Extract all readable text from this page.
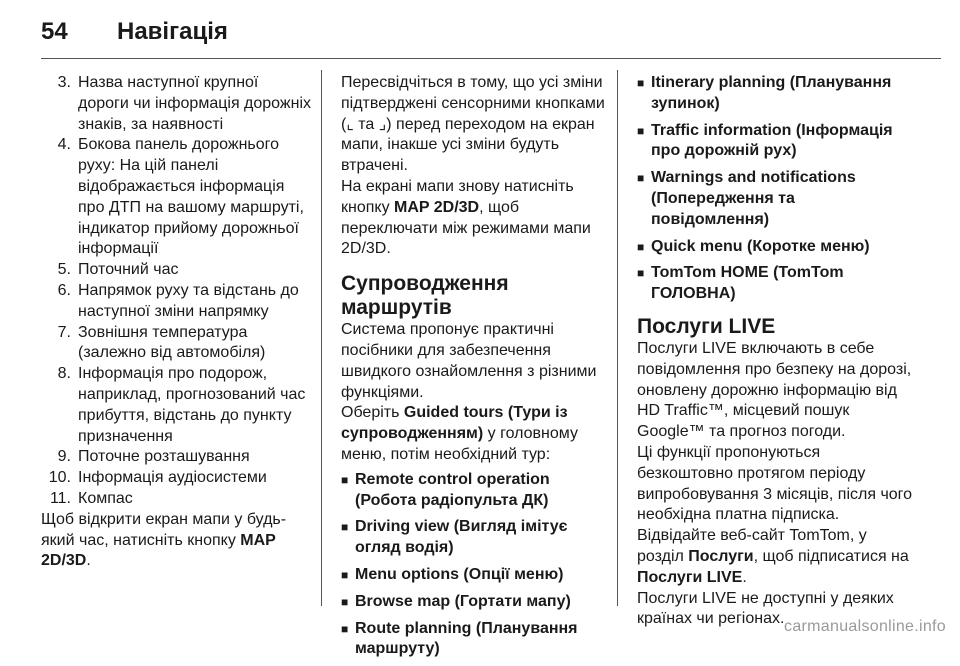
54	Навігація
3. Назва наступної крупної дороги чи інформація дорожніх знаків, за наявності
4. Бокова панель дорожнього руху: На цій панелі відображається інформація про ДТП на вашому маршруті, індикатор прийому дорожньої інформації
5. Поточний час
6. Напрямок руху та відстань до наступної зміни напрямку
7. Зовнішня температура (залежно від автомобіля)
8. Інформація про подорож, наприклад, прогнозований час прибуття, відстань до пункту призначення
9. Поточне розташування
10. Інформація аудіосистеми
11. Компас

Щоб відкрити екран мапи у будь-який час, натисніть кнопку MAP 2D/3D.

Пересвідчіться в тому, що усі зміни підтверджені сенсорними кнопками (⌞ та ⌟) перед переходом на екран мапи, інакше усі зміни будуть втрачені.

На екрані мапи знову натисніть кнопку MAP 2D/3D, щоб переключати між режимами мапи 2D/3D.

Супроводження маршрутів

Система пропонує практичні посібники для забезпечення швидкого ознайомлення з різними функціями.

Оберіть Guided tours (Тури із супроводженням) у головному меню, потім необхідний тур:

■ Remote control operation (Робота радіопульта ДК)
■ Driving view (Вигляд імітує огляд водія)
■ Menu options (Опції меню)
■ Browse map (Гортати мапу)
■ Route planning (Планування маршруту)
■ Itinerary planning (Планування зупинок)
■ Traffic information (Інформація про дорожній рух)
■ Warnings and notifications (Попередження та повідомлення)
■ Quick menu (Коротке меню)
■ TomTom HOME (TomTom ГОЛОВНА)
Послуги LIVE

Послуги LIVE включають в себе повідомлення про безпеку на дорозі, оновлену дорожню інформацію від HD Traffic™, місцевий пошук Google™ та прогноз погоди.

Ці функції пропонуються безкоштовно протягом періоду випробовування 3 місяців, після чого необхідна платна підписка. Відвідайте веб-сайт TomTom, у розділ Послуги, щоб підписатися на Послуги LIVE.

Послуги LIVE не доступні у деяких країнах чи регіонах. carmanualsonline.info
